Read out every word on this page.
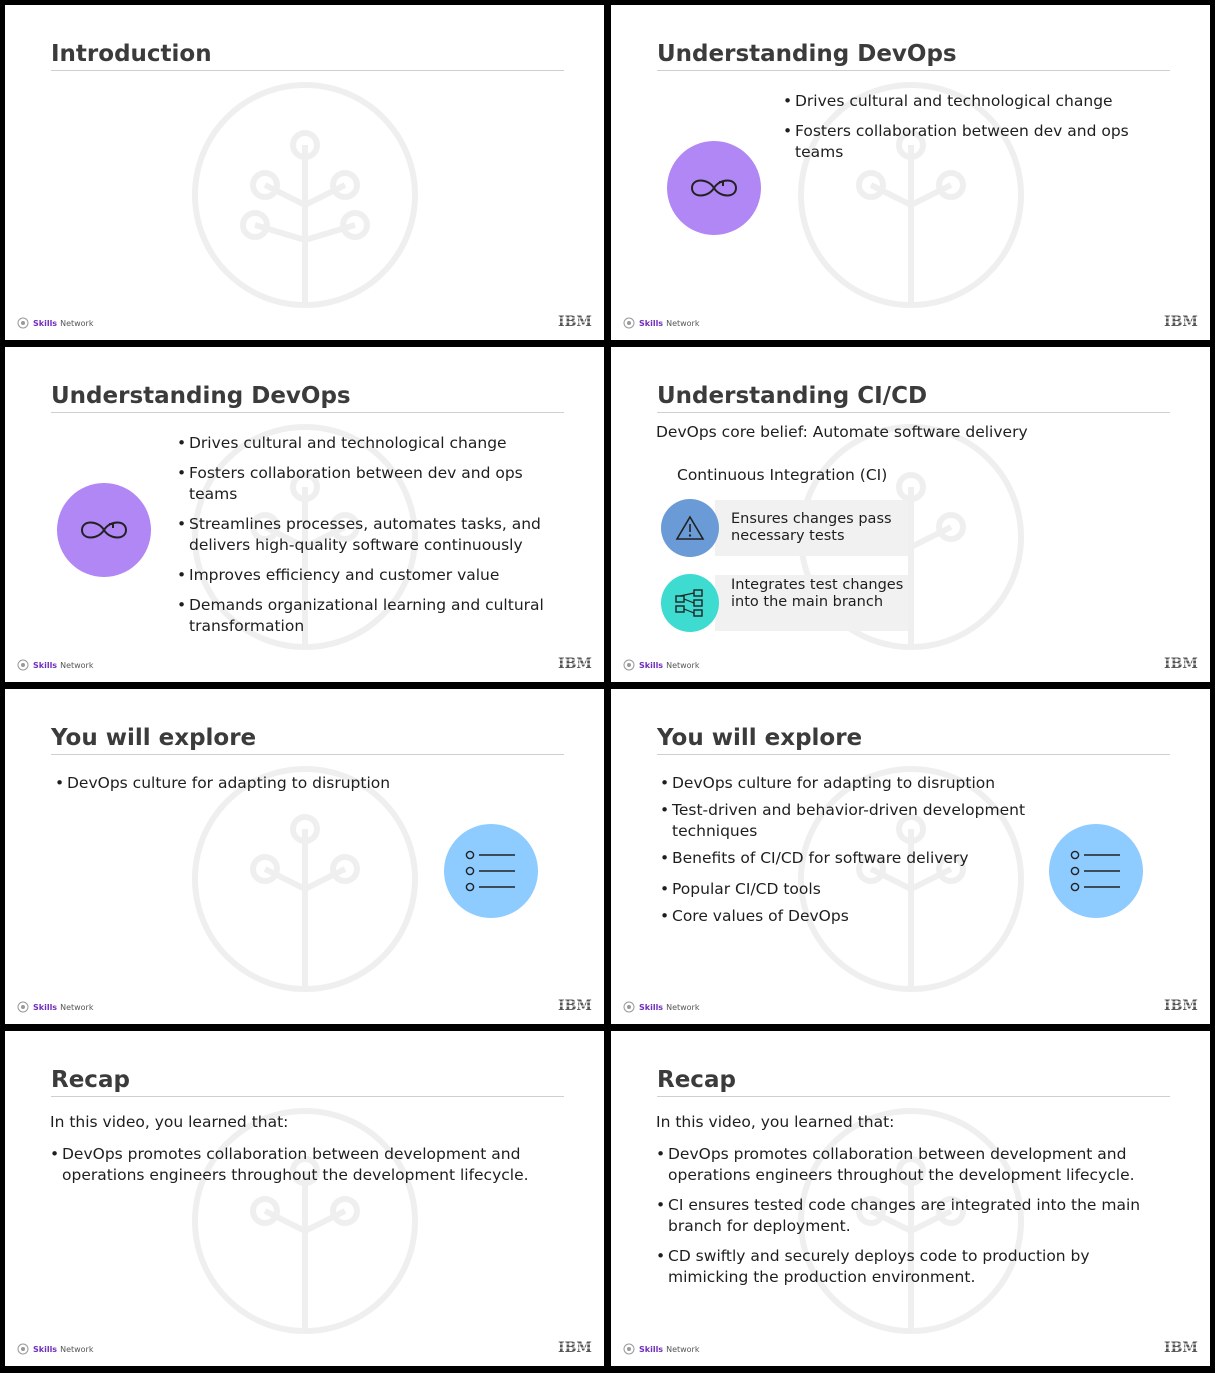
Introduction
Skills Network	IBM
Understanding DevOps
• Drives cultural and technological change
• Fosters collaboration between dev and ops teams
Skills Network	IBM
Understanding DevOps
• Drives cultural and technological change
• Fosters collaboration between dev and ops teams
• Streamlines processes, automates tasks, and delivers high-quality software continuously
• Improves efficiency and customer value
• Demands organizational learning and cultural transformation
Skills Network	IBM
Understanding CI/CD
DevOps core belief: Automate software delivery
Continuous Integration (CI)
Ensures changes pass necessary tests
Integrates test changes into the main branch
Skills Network	IBM
You will explore
• DevOps culture for adapting to disruption
Skills Network	IBM
You will explore
• DevOps culture for adapting to disruption
• Test-driven and behavior-driven development techniques
• Benefits of CI/CD for software delivery
• Popular CI/CD tools
• Core values of DevOps
Skills Network	IBM
Recap
In this video, you learned that:
• DevOps promotes collaboration between development and operations engineers throughout the development lifecycle.
Skills Network	IBM
Recap
In this video, you learned that:
• DevOps promotes collaboration between development and operations engineers throughout the development lifecycle.
• CI ensures tested code changes are integrated into the main branch for deployment.
• CD swiftly and securely deploys code to production by mimicking the production environment.
Skills Network	IBM
